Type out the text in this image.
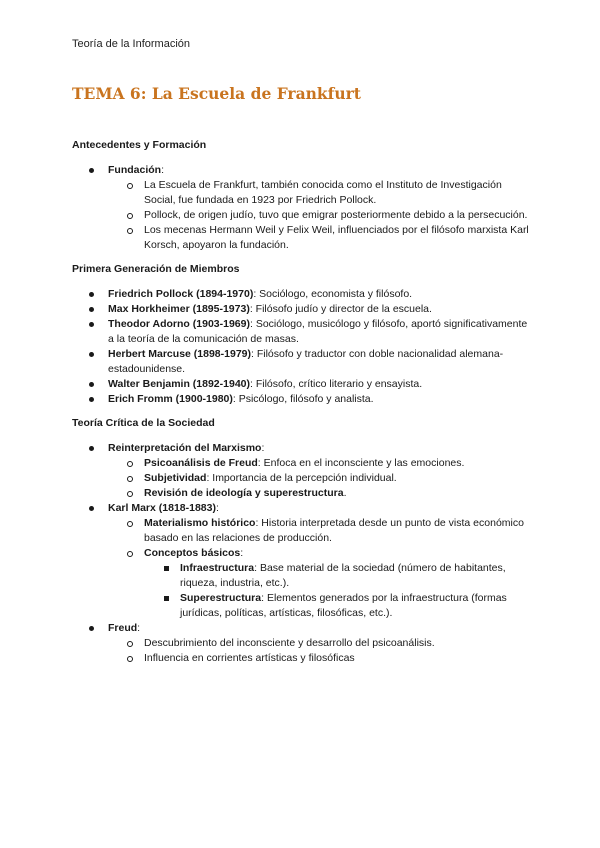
Teoría de la Información
TEMA 6: La Escuela de Frankfurt

Antecedentes y Formación

Fundación:
La Escuela de Frankfurt, también conocida como el Instituto de Investigación Social, fue fundada en 1923 por Friedrich Pollock.
Pollock, de origen judío, tuvo que emigrar posteriormente debido a la persecución.
Los mecenas Hermann Weil y Felix Weil, influenciados por el filósofo marxista Karl Korsch, apoyaron la fundación.

Primera Generación de Miembros

Friedrich Pollock (1894-1970): Sociólogo, economista y filósofo.
Max Horkheimer (1895-1973): Filósofo judío y director de la escuela.
Theodor Adorno (1903-1969): Sociólogo, musicólogo y filósofo, aportó significativamente a la teoría de la comunicación de masas.
Herbert Marcuse (1898-1979): Filósofo y traductor con doble nacionalidad alemana-estadounidense.
Walter Benjamin (1892-1940): Filósofo, crítico literario y ensayista.
Erich Fromm (1900-1980): Psicólogo, filósofo y analista.

Teoría Crítica de la Sociedad

Reinterpretación del Marxismo:
Psicoanálisis de Freud: Enfoca en el inconsciente y las emociones.
Subjetividad: Importancia de la percepción individual.
Revisión de ideología y superestructura.
Karl Marx (1818-1883):
Materialismo histórico: Historia interpretada desde un punto de vista económico basado en las relaciones de producción.
Conceptos básicos:
Infraestructura: Base material de la sociedad (número de habitantes, riqueza, industria, etc.).
Superestructura: Elementos generados por la infraestructura (formas jurídicas, políticas, artísticas, filosóficas, etc.).
Freud:
Descubrimiento del inconsciente y desarrollo del psicoanálisis.
Influencia en corrientes artísticas y filosóficas
